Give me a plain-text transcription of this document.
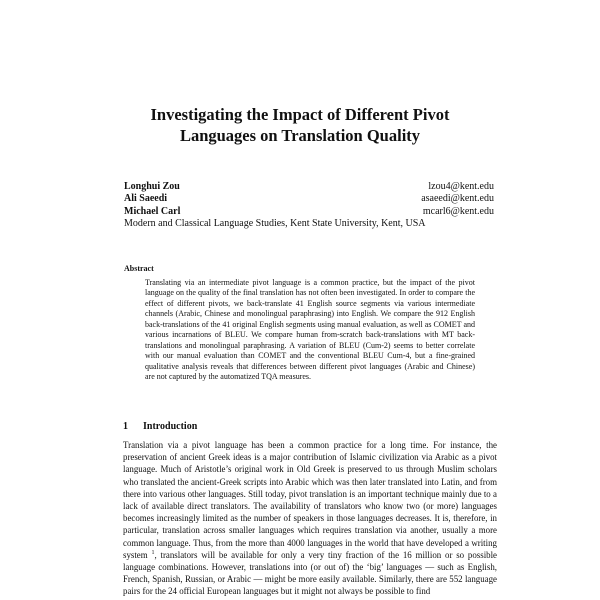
Investigating the Impact of Different Pivot
Languages on Translation Quality
Longhui Zou	lzou4@kent.edu
Ali Saeedi	asaeedi@kent.edu
Michael Carl	mcarl6@kent.edu
Modern and Classical Language Studies, Kent State University, Kent, USA
Abstract
Translating via an intermediate pivot language is a common practice, but the impact of the pivot language on the quality of the final translation has not often been investigated. In order to compare the effect of different pivots, we back-translate 41 English source segments via various intermediate channels (Arabic, Chinese and monolingual paraphrasing) into English. We compare the 912 English back-translations of the 41 original English segments using manual evaluation, as well as COMET and various incarnations of BLEU. We compare human from-scratch back-translations with MT back-translations and monolingual paraphrasing. A variation of BLEU (Cum-2) seems to better correlate with our manual evaluation than COMET and the conventional BLEU Cum-4, but a fine-grained qualitative analysis reveals that differences between different pivot languages (Arabic and Chinese) are not captured by the automatized TQA measures.
1 Introduction
Translation via a pivot language has been a common practice for a long time. For instance, the preservation of ancient Greek ideas is a major contribution of Islamic civilization via Arabic as a pivot language. Much of Aristotle’s original work in Old Greek is preserved to us through Muslim scholars who translated the ancient-Greek scripts into Arabic which was then later translated into Latin, and from there into various other languages. Still today, pivot translation is an important technique mainly due to a lack of available direct translators. The availability of translators who know two (or more) languages becomes increasingly limited as the number of speakers in those languages decreases. It is, therefore, in particular, translation across smaller languages which requires translation via another, usually a more common language. Thus, from the more than 4000 languages in the world that have developed a writing system $^1$, translators will be available for only a very tiny fraction of the 16 million or so possible language combinations. However, translations into (or out of) the ‘big’ languages — such as English, French, Spanish, Russian, or Arabic — might be more easily available. Similarly, there are 552 language pairs for the 24 official European languages but it might not always be possible to find
